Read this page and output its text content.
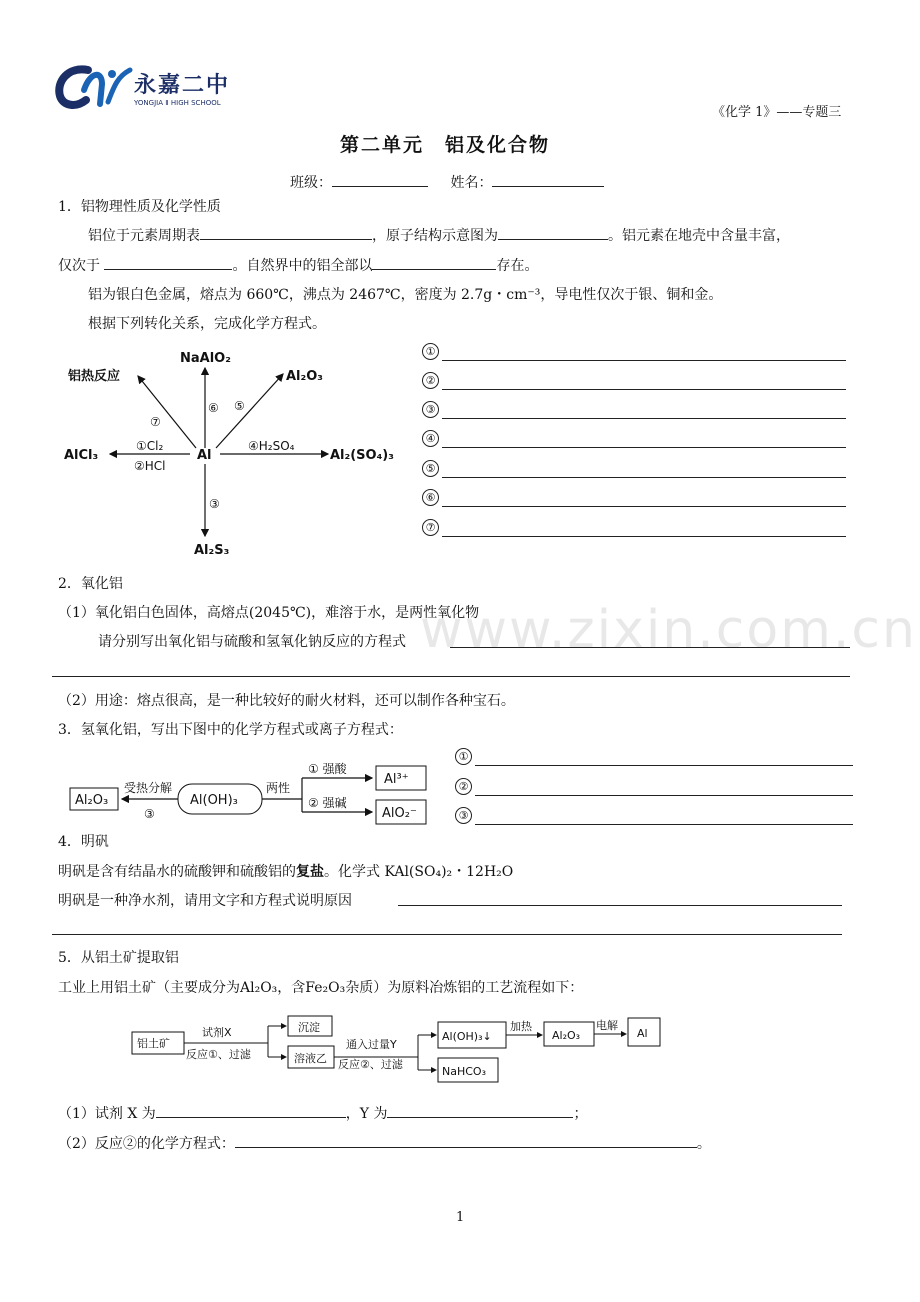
www.zixin.com.cn
永嘉二中
YONGJIA Ⅱ HIGH SCHOOL
《化学 1》——专题三
第二单元　铝及化合物
班级：	姓名：
1．铝物理性质及化学性质
铝位于元素周期表	，原子结构示意图为	。铝元素在地壳中含量丰富，
仅次于	。自然界中的铝全部以	存在。
铝为银白色金属，熔点为 660℃，沸点为 2467℃，密度为 2.7g・cm⁻³，导电性仅次于银、铜和金。
根据下列转化关系，完成化学方程式。
Al
NaAlO₂
铝热反应	Al₂O₃
AlCl₃	Al₂(SO₄)₃
Al₂S₃
①Cl₂
②HCl
③
④H₂SO₄
⑤
⑥
⑦
①
②
③
④
⑤
⑥
⑦
2．氧化铝
（1）氧化铝白色固体，高熔点(2045℃)，难溶于水，是两性氧化物
请分别写出氧化铝与硫酸和氢氧化钠反应的方程式
（2）用途：熔点很高，是一种比较好的耐火材料，还可以制作各种宝石。
3．氢氧化铝，写出下图中的化学方程式或离子方程式：
Al₂O₃	Al(OH)₃
Al³⁺
AlO₂⁻
受热分解
③
两性
① 强酸
② 强碱
①
②
③
4．明矾
明矾是含有结晶水的硫酸钾和硫酸铝的复盐。化学式 KAl(SO₄)₂・12H₂O
明矾是一种净水剂，请用文字和方程式说明原因
5．从铝土矿提取铝
工业上用铝土矿（主要成分为Al₂O₃，含Fe₂O₃杂质）为原料冶炼铝的工艺流程如下：
铝土矿
试剂X
反应①、过滤
沉淀
溶液乙
通入过量Y
反应②、过滤
Al(OH)₃↓
NaHCO₃
加热
Al₂O₃
电解
Al
（1）试剂 X 为	，Y 为	；
（2）反应②的化学方程式：	。
1
